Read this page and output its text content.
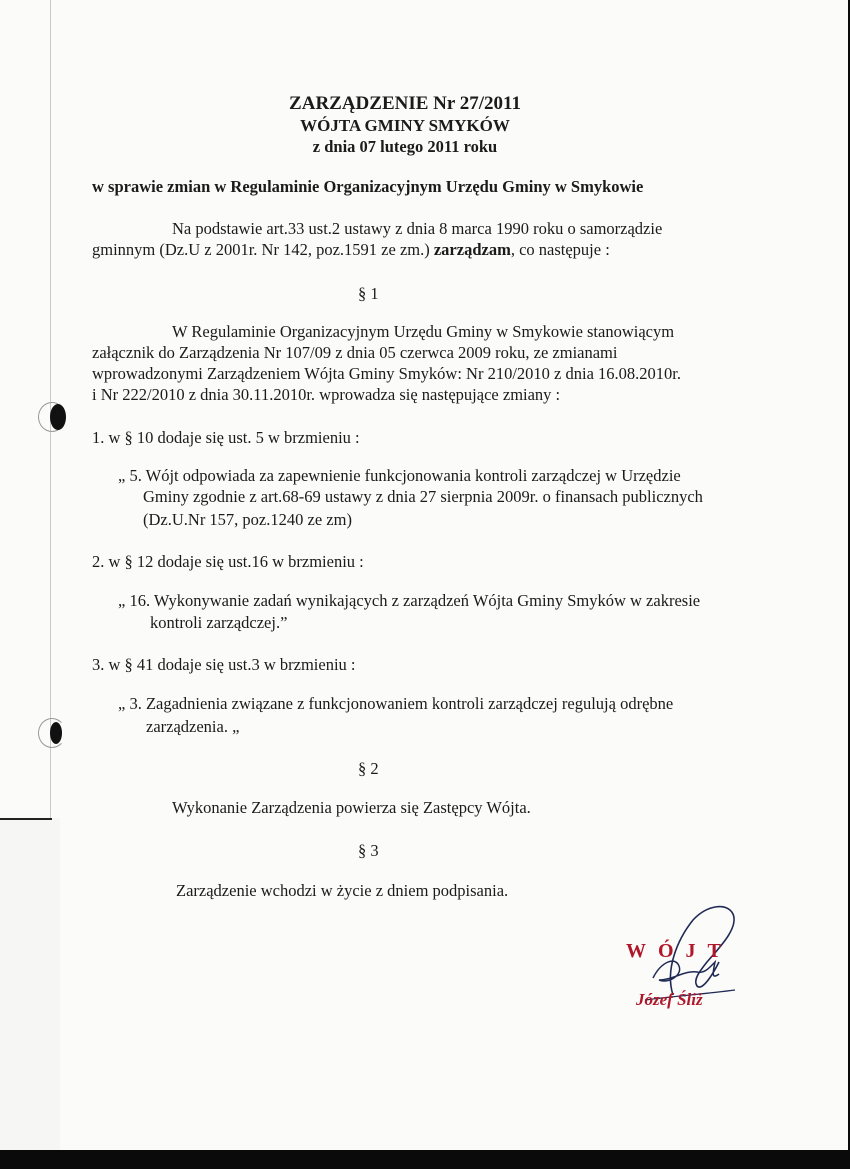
ZARZĄDZENIE Nr 27/2011
WÓJTA GMINY SMYKÓW
z dnia 07 lutego 2011 roku
w sprawie zmian w Regulaminie Organizacyjnym Urzędu Gminy w Smykowie
Na podstawie art.33 ust.2 ustawy z dnia 8 marca 1990 roku o samorządzie
gminnym (Dz.U z 2001r. Nr 142, poz.1591 ze zm.) zarządzam, co następuje :
§ 1
W Regulaminie Organizacyjnym Urzędu Gminy w Smykowie stanowiącym
załącznik do Zarządzenia Nr 107/09 z dnia 05 czerwca 2009 roku, ze zmianami
wprowadzonymi Zarządzeniem Wójta Gminy Smyków: Nr 210/2010 z dnia 16.08.2010r.
i Nr 222/2010 z dnia 30.11.2010r. wprowadza się następujące zmiany :
1. w § 10 dodaje się ust. 5 w brzmieniu :
„ 5. Wójt odpowiada za zapewnienie funkcjonowania kontroli zarządczej w Urzędzie
Gminy zgodnie z art.68-69 ustawy z dnia 27 sierpnia 2009r. o finansach publicznych
(Dz.U.Nr 157, poz.1240 ze zm)
2. w § 12 dodaje się ust.16 w brzmieniu :
„ 16. Wykonywanie zadań wynikających z zarządzeń Wójta Gminy Smyków w zakresie
kontroli zarządczej.”
3. w § 41 dodaje się ust.3 w brzmieniu :
„ 3. Zagadnienia związane z funkcjonowaniem kontroli zarządczej regulują odrębne
zarządzenia. „
§ 2
Wykonanie Zarządzenia powierza się Zastępcy Wójta.
§ 3
Zarządzenie wchodzi w życie z dniem podpisania.
WÓJT
Józef Śliż
